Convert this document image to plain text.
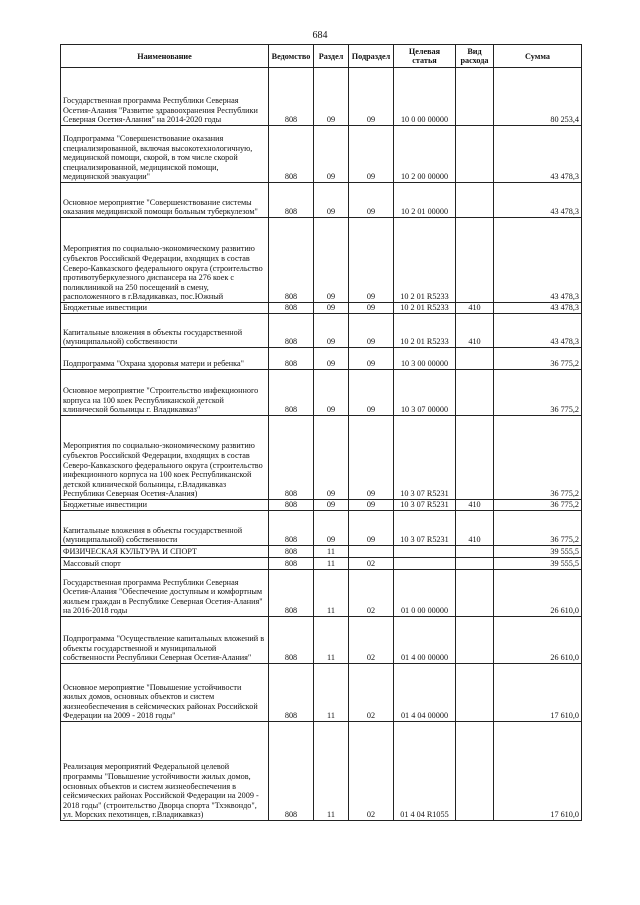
684
Наименование	Ведомство	Раздел	Подраздел	Целевая статья	Вид расхода	Сумма
Государственная программа Республики Северная Осетия-Алания "Развитие здравоохранения Республики Северная Осетия-Алания" на 2014-2020 годы	808	09	09	10 0 00 00000		80 253,4
Подпрограмма "Совершенствование оказания специализированной, включая высокотехнологичную, медицинской помощи, скорой, в том числе скорой специализированной, медицинской помощи, медицинской эвакуации"	808	09	09	10 2 00 00000		43 478,3
Основное мероприятие "Совершенствование системы оказания медицинской помощи больным туберкулезом"	808	09	09	10 2 01 00000		43 478,3
Мероприятия по социально-экономическому развитию субъектов Российской Федерации, входящих в состав Северо-Кавказского федерального округа (строительство противотуберкулезного диспансера на 276 коек с поликлиникой на 250 посещений в смену, расположенного в г.Владикавказ, пос.Южный	808	09	09	10 2 01 R5233		43 478,3
Бюджетные инвестиции	808	09	09	10 2 01 R5233	410	43 478,3
Капитальные вложения в объекты государственной (муниципальной) собственности	808	09	09	10 2 01 R5233	410	43 478,3
Подпрограмма "Охрана здоровья матери и ребенка"	808	09	09	10 3 00 00000		36 775,2
Основное мероприятие "Строительство инфекционного корпуса на 100 коек Республиканской детской клинической больницы г. Владикавказ"	808	09	09	10 3 07 00000		36 775,2
Мероприятия по социально-экономическому развитию субъектов Российской Федерации, входящих в состав Северо-Кавказского федерального округа (строительство инфекционного корпуса на 100 коек Республиканской детской клинической больницы, г.Владикавказ Республики Северная Осетия-Алания)	808	09	09	10 3 07 R5231		36 775,2
Бюджетные инвестиции	808	09	09	10 3 07 R5231	410	36 775,2
Капитальные вложения в объекты государственной (муниципальной) собственности	808	09	09	10 3 07 R5231	410	36 775,2
ФИЗИЧЕСКАЯ КУЛЬТУРА И СПОРТ	808	11				39 555,5
Массовый спорт	808	11	02			39 555,5
Государственная программа Республики Северная Осетия-Алания "Обеспечение доступным и комфортным жильем граждан в Республике Северная Осетия-Алания" на 2016-2018 годы	808	11	02	01 0 00 00000		26 610,0
Подпрограмма "Осуществление капитальных вложений в объекты государственной и муниципальной собственности Республики Северная Осетия-Алания"	808	11	02	01 4 00 00000		26 610,0
Основное мероприятие "Повышение устойчивости жилых домов, основных объектов и систем жизнеобеспечения в сейсмических районах Российской Федерации на 2009 - 2018 годы"	808	11	02	01 4 04 00000		17 610,0
Реализация мероприятий Федеральной целевой программы "Повышение устойчивости жилых домов, основных объектов и систем жизнеобеспечения в сейсмических районах Российской Федерации на 2009 - 2018 годы" (строительство Дворца спорта "Тхэквондо", ул. Морских пехотинцев, г.Владикавказ)	808	11	02	01 4 04 R1055		17 610,0
